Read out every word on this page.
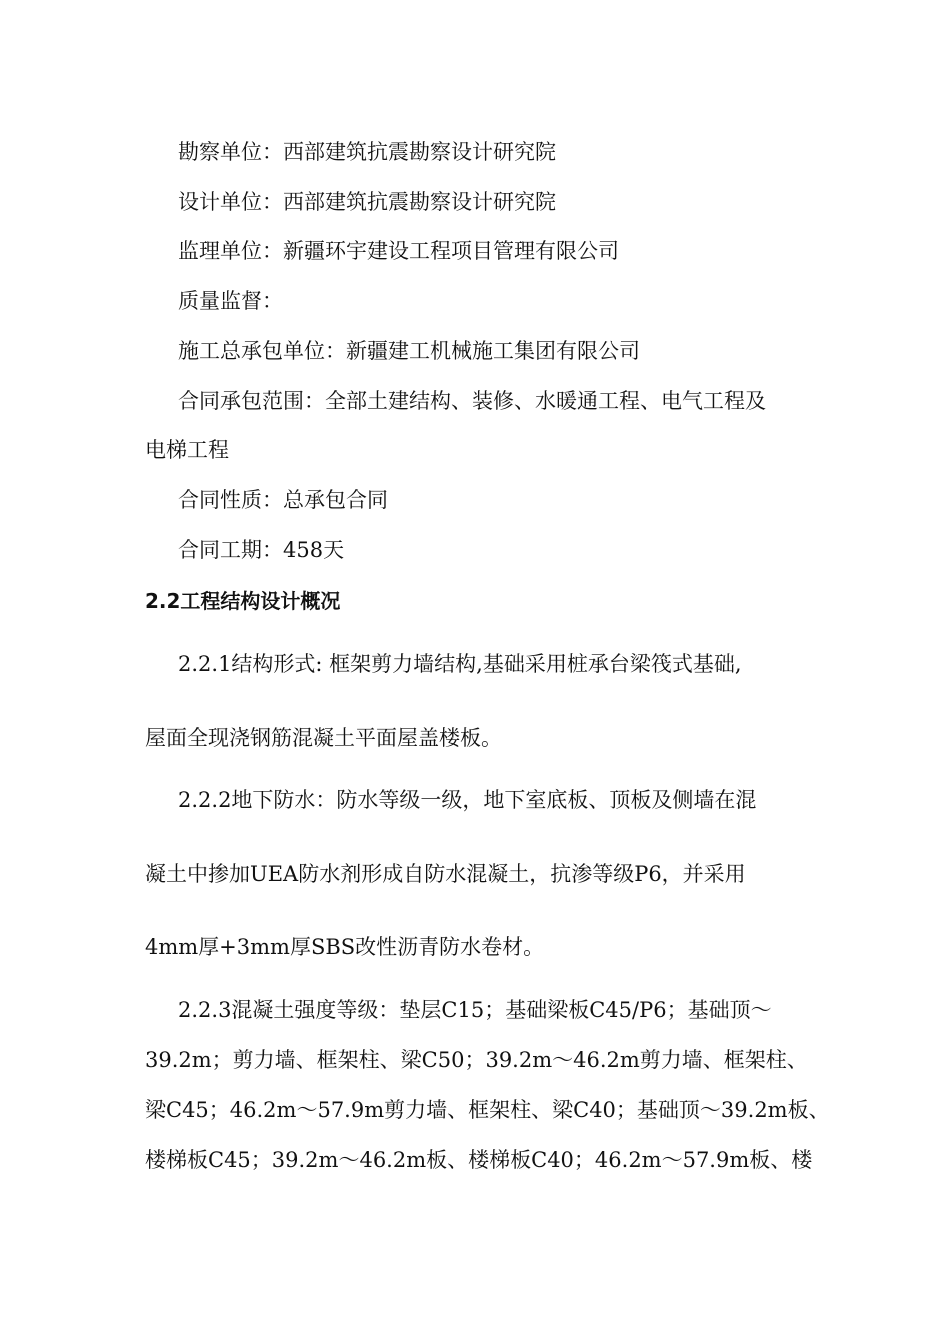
勘察单位：西部建筑抗震勘察设计研究院
设计单位：西部建筑抗震勘察设计研究院
监理单位：新疆环宇建设工程项目管理有限公司
质量监督：
施工总承包单位：新疆建工机械施工集团有限公司
合同承包范围：全部土建结构、装修、水暖通工程、电气工程及
电梯工程
合同性质：总承包合同
合同工期：458天
2.2工程结构设计概况
2.2.1结构形式: 框架剪力墙结构,基础采用桩承台梁筏式基础,
屋面全现浇钢筋混凝土平面屋盖楼板。
2.2.2地下防水：防水等级一级，地下室底板、顶板及侧墙在混
凝土中掺加UEA防水剂形成自防水混凝土，抗渗等级P6，并采用
4mm厚+3mm厚SBS改性沥青防水卷材。
2.2.3混凝土强度等级：垫层C15；基础梁板C45/P6；基础顶～
39.2m；剪力墙、框架柱、梁C50；39.2m～46.2m剪力墙、框架柱、
梁C45；46.2m～57.9m剪力墙、框架柱、梁C40；基础顶～39.2m板、
楼梯板C45；39.2m～46.2m板、楼梯板C40；46.2m～57.9m板、楼
